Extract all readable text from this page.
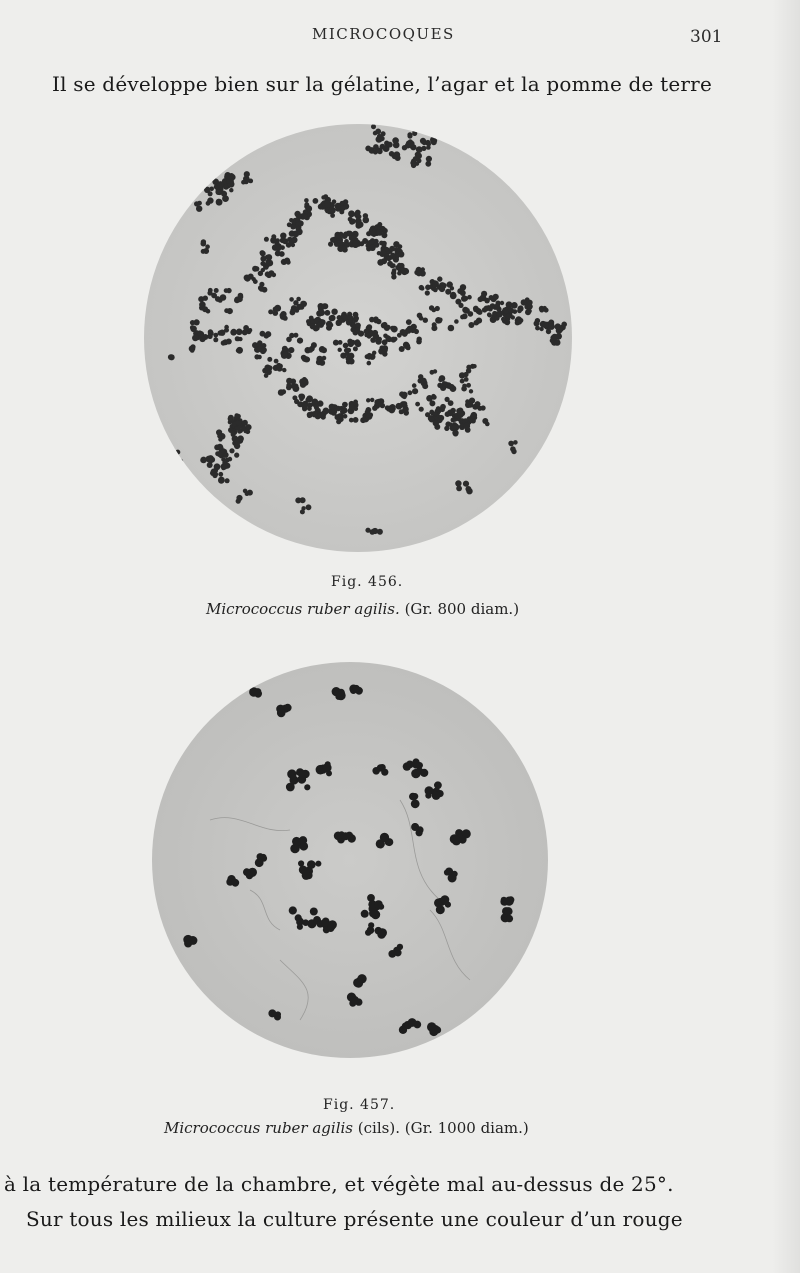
MICROCOQUES	301
Il se développe bien sur la gélatine, l’agar et la pomme de terre
Fig. 456.
Micrococcus ruber agilis. (Gr. 800 diam.)
Fig. 457.
Micrococcus ruber agilis (cils). (Gr. 1000 diam.)
à la température de la chambre, et végète mal au-dessus de 25°.
Sur tous les milieux la culture présente une couleur d’un rouge
